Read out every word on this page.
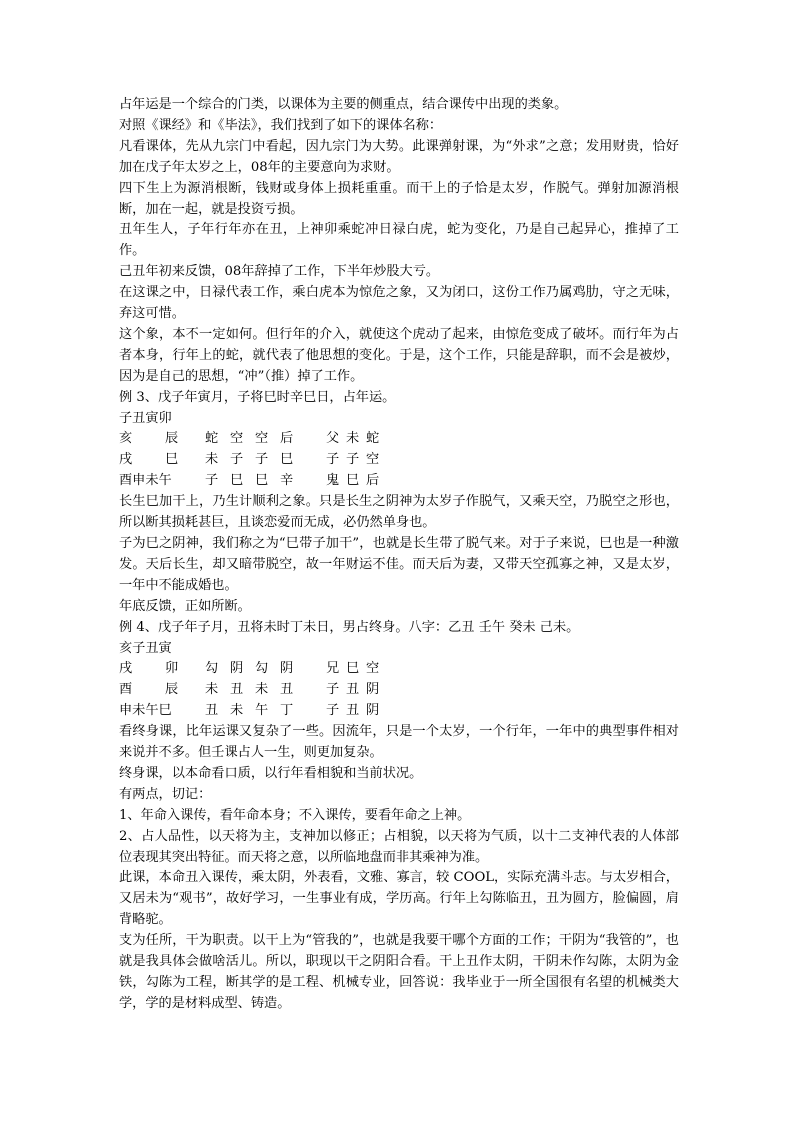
占年运是一个综合的门类，以课体为主要的侧重点，结合课传中出现的类象。

对照《课经》和《毕法》，我们找到了如下的课体名称：

凡看课体，先从九宗门中看起，因九宗门为大势。此课弹射课，为“外求”之意；发用财贵，恰好加在戊子年太岁之上，08年的主要意向为求财。

四下生上为源消根断，钱财或身体上损耗重重。而干上的子恰是太岁，作脱气。弹射加源消根断，加在一起，就是投资亏损。

丑年生人，子年行年亦在丑，上神卯乘蛇冲日禄白虎，蛇为变化，乃是自己起异心，推掉了工作。

己丑年初来反馈，08年辞掉了工作，下半年炒股大亏。

在这课之中，日禄代表工作，乘白虎本为惊危之象，又为闭口，这份工作乃属鸡肋，守之无味，弃这可惜。

这个象，本不一定如何。但行年的介入，就使这个虎动了起来，由惊危变成了破坏。而行年为占者本身，行年上的蛇，就代表了他思想的变化。于是，这个工作，只能是辞职，而不会是被炒，因为是自己的思想，“冲”（推）掉了工作。

例 3、戊子年寅月，子将巳时辛巳日，占年运。

子丑寅卯
亥 辰 蛇 空 空 后 父 未 蛇
戌 巳 未 子 子 巳 子 子 空
酉申未午	子 巳 巳 辛 鬼 巳 后

长生巳加干上，乃生计顺利之象。只是长生之阴神为太岁子作脱气，又乘天空，乃脱空之形也，所以断其损耗甚巨，且谈恋爱而无成，必仍然单身也。

子为巳之阴神，我们称之为“巳带子加干”，也就是长生带了脱气来。对于子来说，巳也是一种激发。天后长生，却又暗带脱空，故一年财运不佳。而天后为妻，又带天空孤寡之神，又是太岁，一年中不能成婚也。

年底反馈，正如所断。

例 4、戊子年子月，丑将未时丁未日，男占终身。八字：乙丑 壬午 癸未 己未。

亥子丑寅
戌 卯 勾 阴 勾 阴 兄 巳 空
酉 辰 未 丑 未 丑 子 丑 阴
申未午巳	丑 未 午 丁 子 丑 阴

看终身课，比年运课又复杂了一些。因流年，只是一个太岁，一个行年，一年中的典型事件相对来说并不多。但壬课占人一生，则更加复杂。

终身课，以本命看口质，以行年看相貌和当前状况。

有两点，切记：

1、年命入课传，看年命本身；不入课传，要看年命之上神。

2、占人品性，以天将为主，支神加以修正；占相貌，以天将为气质，以十二支神代表的人体部位表现其突出特征。而天将之意，以所临地盘而非其乘神为准。

此课，本命丑入课传，乘太阴，外表看，文雅、寡言，较 COOL，实际充满斗志。与太岁相合，又居未为“观书”，故好学习，一生事业有成，学历高。行年上勾陈临丑，丑为圆方，脸偏圆，肩背略驼。

支为任所，干为职责。以干上为“管我的”，也就是我要干哪个方面的工作；干阴为“我管的”，也就是我具体会做啥活儿。所以，职现以干之阴阳合看。干上丑作太阴，干阴未作勾陈，太阴为金铁，勾陈为工程，断其学的是工程、机械专业，回答说：我毕业于一所全国很有名望的机械类大学，学的是材料成型、铸造。
